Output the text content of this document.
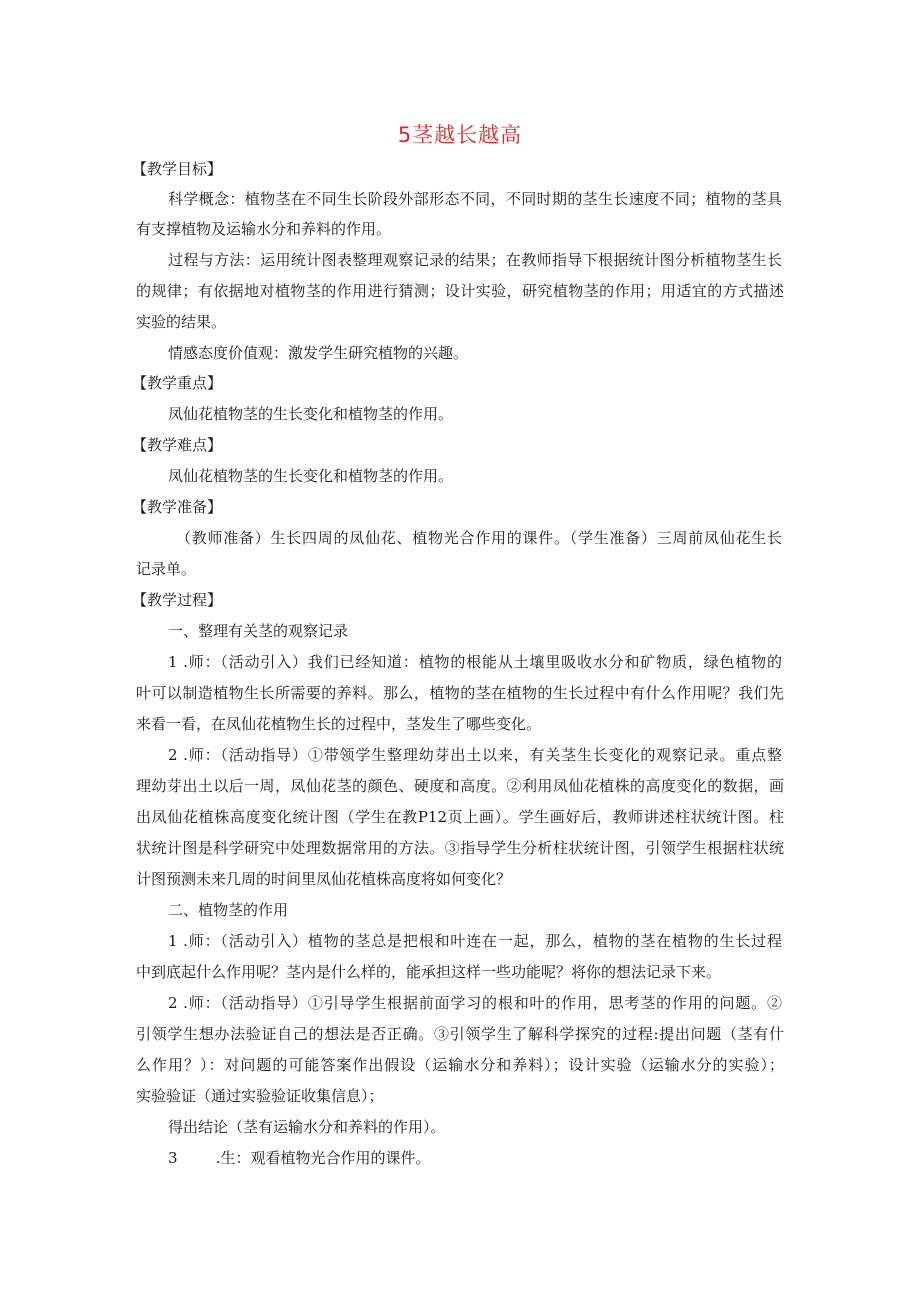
5茎越长越高
【教学目标】
科学概念：植物茎在不同生长阶段外部形态不同，不同时期的茎生长速度不同；植物的茎具
有支撑植物及运输水分和养料的作用。
过程与方法：运用统计图表整理观察记录的结果；在教师指导下根据统计图分析植物茎生长
的规律；有依据地对植物茎的作用进行猜测；设计实验，研究植物茎的作用；用适宜的方式描述
实验的结果。
情感态度价值观：激发学生研究植物的兴趣。
【教学重点】
凤仙花植物茎的生长变化和植物茎的作用。
【教学难点】
凤仙花植物茎的生长变化和植物茎的作用。
【教学准备】
（教师准备）生长四周的凤仙花、植物光合作用的课件。（学生准备）三周前凤仙花生长
记录单。
【教学过程】
一、整理有关茎的观察记录
1 .师：（活动引入）我们已经知道：植物的根能从土壤里吸收水分和矿物质，绿色植物的
叶可以制造植物生长所需要的养料。那么，植物的茎在植物的生长过程中有什么作用呢？我们先
来看一看，在凤仙花植物生长的过程中，茎发生了哪些变化。
2 .师：（活动指导）①带领学生整理幼芽出土以来，有关茎生长变化的观察记录。重点整
理幼芽出土以后一周，凤仙花茎的颜色、硬度和高度。②利用凤仙花植株的高度变化的数据，画
出凤仙花植株高度变化统计图（学生在教P12页上画）。学生画好后，教师讲述柱状统计图。柱
状统计图是科学研究中处理数据常用的方法。③指导学生分析柱状统计图，引领学生根据柱状统
计图预测未来几周的时间里凤仙花植株高度将如何变化？
二、植物茎的作用
1 .师：（活动引入）植物的茎总是把根和叶连在一起，那么，植物的茎在植物的生长过程
中到底起什么作用呢？茎内是什么样的，能承担这样一些功能呢？将你的想法记录下来。
2 .师：（活动指导）①引导学生根据前面学习的根和叶的作用，思考茎的作用的问题。②
引领学生想办法验证自己的想法是否正确。③引领学生了解科学探究的过程:提出问题（茎有什
么作用？）：对问题的可能答案作出假设（运输水分和养料）；设计实验（运输水分的实验）；
实验验证（通过实验验证收集信息）；
得出结论（茎有运输水分和养料的作用）。
3        .生：观看植物光合作用的课件。
